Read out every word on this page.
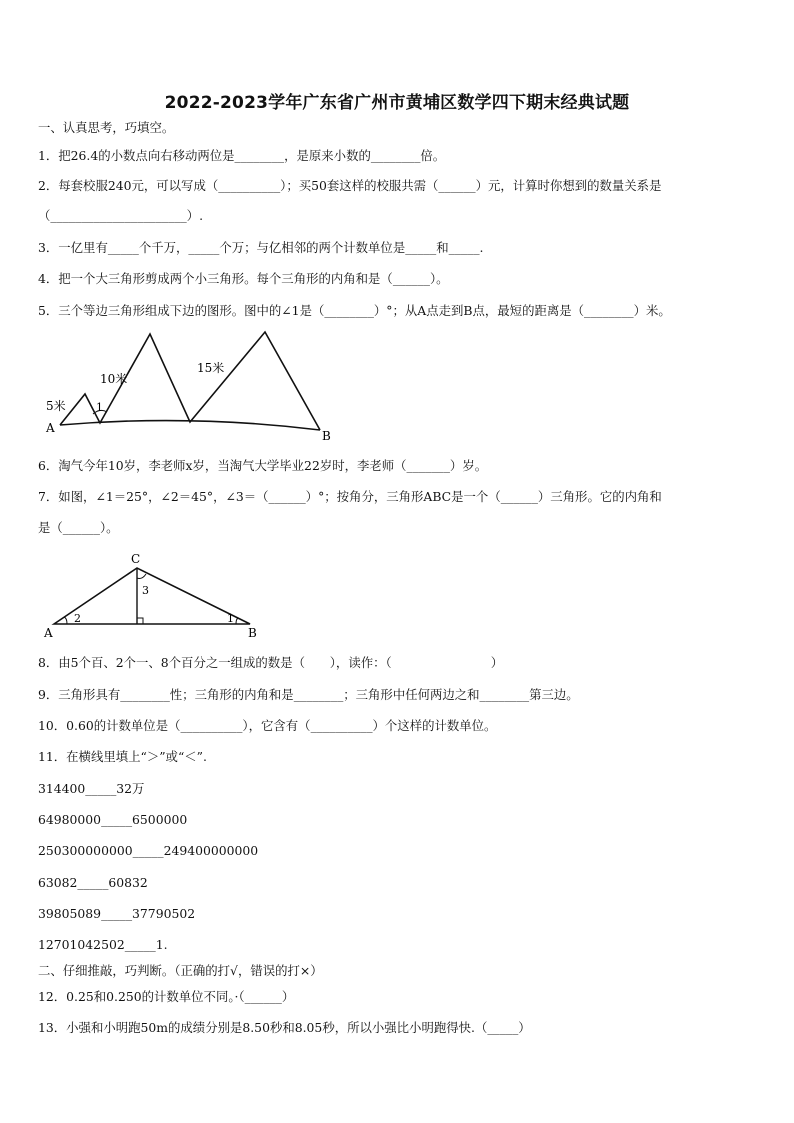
2022-2023学年广东省广州市黄埔区数学四下期末经典试题
一、认真思考，巧填空。
1．把26.4的小数点向右移动两位是________，是原来小数的________倍。
2．每套校服240元，可以写成（__________）；买50套这样的校服共需（______）元，计算时你想到的数量关系是
（______________________）.
3．一亿里有_____个千万，_____个万；与亿相邻的两个计数单位是_____和_____.
4．把一个大三角形剪成两个小三角形。每个三角形的内角和是（______）。
5．三个等边三角形组成下边的图形。图中的∠1是（________）°；从A点走到B点，最短的距离是（________）米。
5米
10米
15米
1
A
B
6．淘气今年10岁，李老师x岁，当淘气大学毕业22岁时，李老师（_______）岁。
7．如图，∠1＝25°，∠2＝45°，∠3＝（______）°；按角分，三角形ABC是一个（______）三角形。它的内角和
是（______）。
C
A	B
2
3
1
8．由5个百、2个一、8个百分之一组成的数是（　　），读作：（　　　　　　　　）
9．三角形具有________性；三角形的内角和是________；三角形中任何两边之和________第三边。
10．0.60的计数单位是（__________），它含有（__________）个这样的计数单位。
11．在横线里填上“＞”或“＜”.
314400_____32万
64980000_____6500000
250300000000_____249400000000
63082_____60832
39805089_____37790502
12701042502_____1.
二、仔细推敲，巧判断。（正确的打√，错误的打×）
12．0.25和0.250的计数单位不同。·（______）
13．小强和小明跑50m的成绩分别是8.50秒和8.05秒，所以小强比小明跑得快.（_____）
